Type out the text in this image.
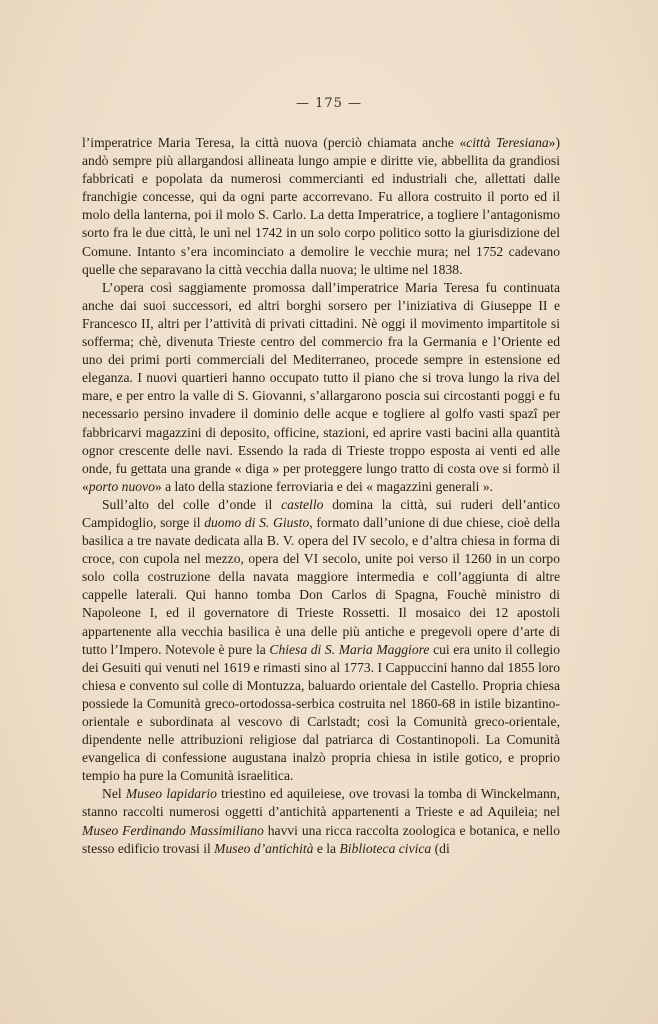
— 175 —

l’imperatrice Maria Teresa, la città nuova (perciò chiamata anche «città Teresiana») andò sempre più allargandosi allineata lungo ampie e diritte vie, abbellita da grandiosi fabbricati e popolata da numerosi commercianti ed industriali che, allettati dalle franchigie concesse, qui da ogni parte accorrevano. Fu allora costruito il porto ed il molo della lanterna, poi il molo S. Carlo. La detta Imperatrice, a togliere l’antagonismo sorto fra le due città, le unì nel 1742 in un solo corpo politico sotto la giurisdizione del Comune. Intanto s’era incominciato a demolire le vecchie mura; nel 1752 cadevano quelle che separavano la città vecchia dalla nuova; le ultime nel 1838.

L’opera così saggiamente promossa dall’imperatrice Maria Teresa fu continuata anche dai suoi successori, ed altri borghi sorsero per l’iniziativa di Giuseppe II e Francesco II, altri per l’attività di privati cittadini. Nè oggi il movimento impartitole si soffermа; chè, divenuta Trieste centro del commercio fra la Germania e l’Oriente ed uno dei primi porti commerciali del Mediterraneo, procede sempre in estensione ed eleganza. I nuovi quartieri hanno occupato tutto il piano che si trova lungo la riva del mare, e per entro la valle di S. Giovanni, s’allargarono poscia sui circostanti poggi e fu necessario persino invadere il dominio delle acque e togliere al golfo vasti spazî per fabbricarvi magazzini di deposito, officine, stazioni, ed aprire vasti bacini alla quantità ognor crescente delle navi. Essendo la rada di Trieste troppo esposta ai venti ed alle onde, fu gettata una grande « diga » per proteggere lungo tratto di costa ove si formò il «porto nuovo» a lato della stazione ferroviaria e dei « magazzini generali ».

Sull’alto del colle d’onde il castello domina la città, sui ruderi dell’antico Campidoglio, sorge il duomo di S. Giusto, formato dall’unione di due chiese, cioè della basilica a tre navate dedicata alla B. V. opera del IV secolo, e d’altra chiesa in forma di croce, con cupola nel mezzo, opera del VI secolo, unite poi verso il 1260 in un corpo solo colla costruzione della navata maggiore intermedia e coll’aggiunta di altre cappelle laterali. Qui hanno tomba Don Carlos di Spagna, Fouchè ministro di Napoleone I, ed il governatore di Trieste Rossetti. Il mosaico dei 12 apostoli appartenente alla vecchia basilica è una delle più antiche e pregevoli opere d’arte di tutto l’Impero. Notevole è pure la Chiesa di S. Maria Maggiore cui era unito il collegio dei Gesuiti qui venuti nel 1619 e rimasti sino al 1773. I Cappuccini hanno dal 1855 loro chiesa e convento sul colle di Montuzza, baluardo orientale del Castello. Propria chiesa possiede la Comunità greco-ortodossa-serbica costruita nel 1860-68 in istile bizantino-orientale e subordinata al vescovo di Carlstadt; così la Comunità greco-orientale, dipendente nelle attribuzioni religiose dal patriarca di Costantinopoli. La Comunità evangelica di confessione augustana inalzò propria chiesa in istile gotico, e proprio tempio ha pure la Comunità israelitica.

Nel Museo lapidario triestino ed aquileiese, ove trovasi la tomba di Winckelmann, stanno raccolti numerosi oggetti d’antichità appartenenti a Trieste e ad Aquileia; nel Museo Ferdinando Massimiliano havvi una ricca raccolta zoologica e botanica, e nello stesso edificio trovasi il Museo d’antichità e la Biblioteca civica (di
